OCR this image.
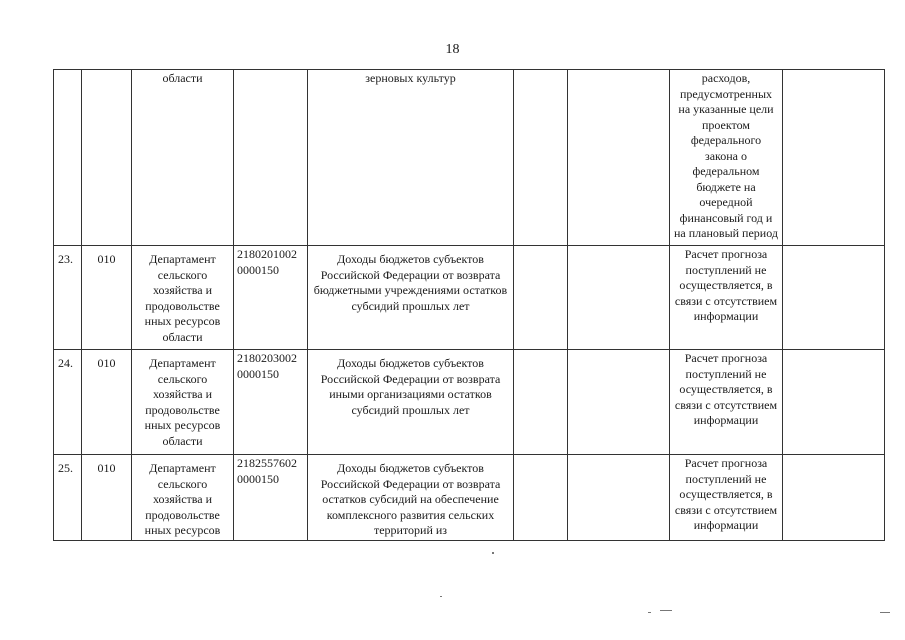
18
		области		зерновых культур			расходов, предусмотренных на указанные цели проектом федерального закона о федеральном бюджете на очередной финансовый год и на плановый период	
23.	010	Департамент сельского хозяйства и продовольстве нных ресурсов области	2180201002 0000150	Доходы бюджетов субъектов Российской Федерации от возврата бюджетными учреждениями остатков субсидий прошлых лет			Расчет прогноза поступлений не осуществляется, в связи с отсутствием информации	
24.	010	Департамент сельского хозяйства и продовольстве нных ресурсов области	2180203002 0000150	Доходы бюджетов субъектов Российской Федерации от возврата иными организациями остатков субсидий прошлых лет			Расчет прогноза поступлений не осуществляется, в связи с отсутствием информации	
25.	010	Департамент сельского хозяйства и продовольстве нных ресурсов	2182557602 0000150	Доходы бюджетов субъектов Российской Федерации от возврата остатков субсидий на обеспечение комплексного развития сельских территорий из			Расчет прогноза поступлений не осуществляется, в связи с отсутствием информации	
